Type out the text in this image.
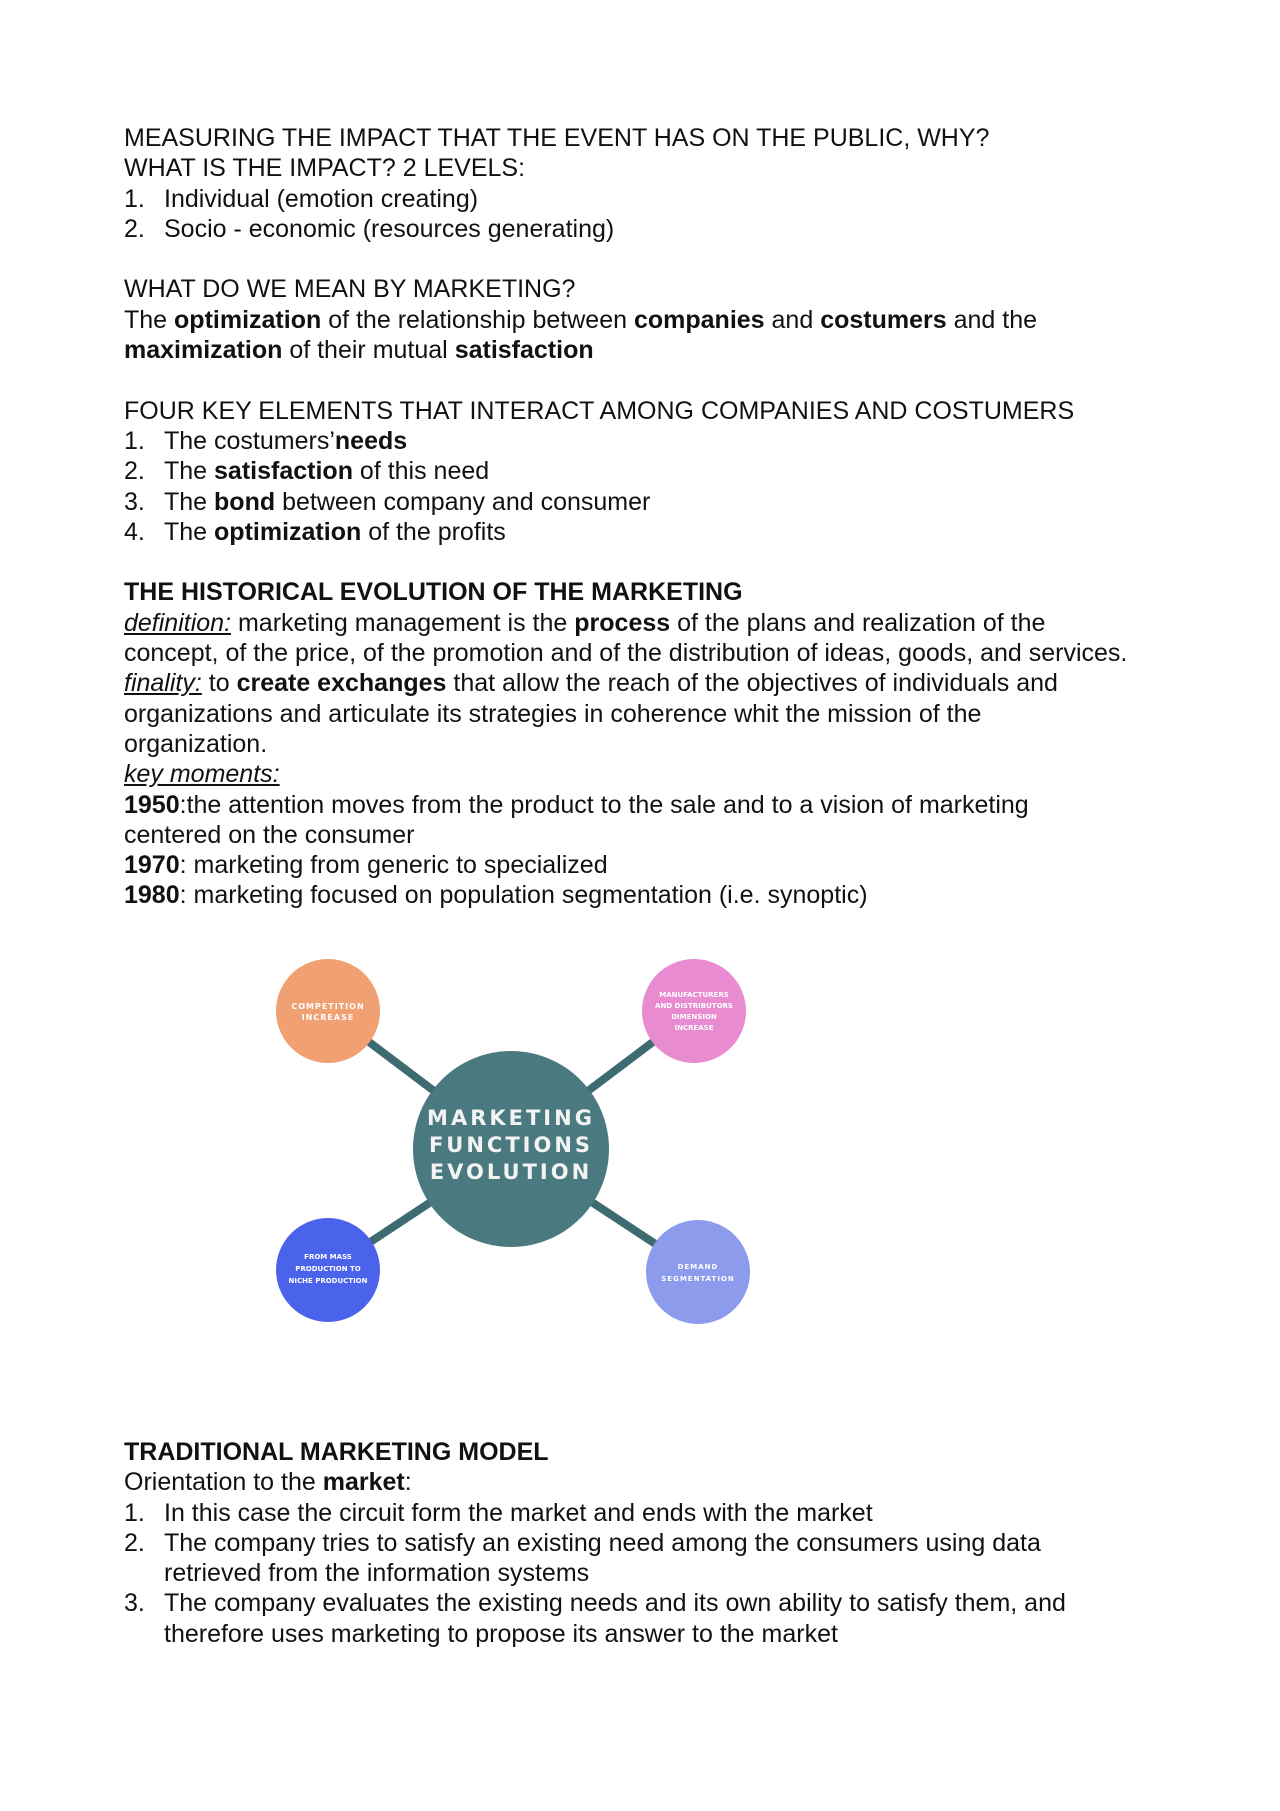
MEASURING THE IMPACT THAT THE EVENT HAS ON THE PUBLIC, WHY?
WHAT IS THE IMPACT? 2 LEVELS:
1. Individual (emotion creating)
2. Socio - economic (resources generating)
WHAT DO WE MEAN BY MARKETING?
The optimization of the relationship between companies and costumers and the
maximization of their mutual satisfaction
FOUR KEY ELEMENTS THAT INTERACT AMONG COMPANIES AND COSTUMERS
1. The costumers’needs
2. The satisfaction of this need
3. The bond between company and consumer
4. The optimization of the profits
THE HISTORICAL EVOLUTION OF THE MARKETING
definition: marketing management is the process of the plans and realization of the
concept, of the price, of the promotion and of the distribution of ideas, goods, and services.
finality: to create exchanges that allow the reach of the objectives of individuals and
organizations and articulate its strategies in coherence whit the mission of the
organization.
key moments:
1950:the attention moves from the product to the sale and to a vision of marketing
centered on the consumer
1970: marketing from generic to specialized
1980: marketing focused on population segmentation (i.e. synoptic)
MARKETING
FUNCTIONS
EVOLUTION
COMPETITION
INCREASE
MANUFACTURERS
AND DISTRIBUTORS
DIMENSION
INCREASE
FROM MASS
PRODUCTION TO
NICHE PRODUCTION
DEMAND
SEGMENTATION
TRADITIONAL MARKETING MODEL
Orientation to the market:
1. In this case the circuit form the market and ends with the market
2. The company tries to satisfy an existing need among the consumers using data
retrieved from the information systems
3. The company evaluates the existing needs and its own ability to satisfy them, and
therefore uses marketing to propose its answer to the market
